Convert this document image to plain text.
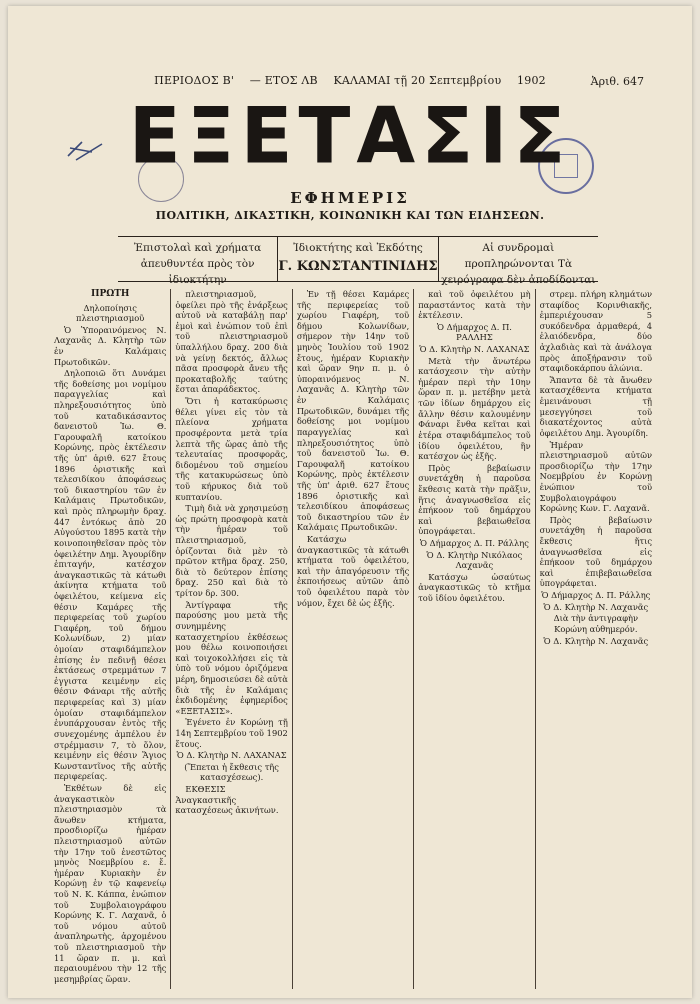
ΠΕΡΙΟΔΟΣ Β' — ΕΤΟΣ ΛΒ ΚΑΛΑΜΑΙ τῇ 20 Σεπτεμβρίου 1902	Ἀριθ. 647
ΕΞΕΤΑΣΙΣ
ΕΦΗΜΕΡΙΣ
ΠΟΛΙΤΙΚΗ, ΔΙΚΑΣΤΙΚΗ, ΚΟΙΝΩΝΙΚΗ ΚΑΙ ΤΩΝ ΕΙΔΗΣΕΩΝ.
Ἐπιστολαὶ καὶ χρήματα ἀπευθυντέα πρὸς τὸν ἰδιοκτήτην
Ἰδιοκτήτης καὶ Ἐκδότης
Γ. ΚΩΝΣΤΑΝΤΙΝΙΔΗΣ
Αἱ συνδρομαὶ προπληρώνονται Τὰ χειρόγραφα δὲν ἀποδίδονται

ΠΡΩΤΗ

Δηλοποίησις πλειστηριασμοῦ

Ὁ Ὑποραινόμενος Ν. Λαχανᾶς Δ. Κλητὴρ τῶν ἐν Καλάμαις Πρωτοδικῶν.

Δηλοποιῶ ὅτι Δυνάμει τῆς δοθείσης μοι νομίμου παραγγελίας καὶ πληρεξουσιότητος ὑπὸ τοῦ καταδικάσαντος δανειστοῦ Ἰω. Θ. Γαρουφαλῆ κατοίκου Κορώνης, πρὸς ἐκτέλεσιν τῆς ὑπ' ἀριθ. 627 ἔτους 1896 ὁριστικῆς καὶ τελεσιδίκου ἀποφάσεως τοῦ δικαστηρίου τῶν ἐν Καλάμαις Πρωτοδικῶν, καὶ πρὸς πληρωμὴν δραχ. 447 ἐντόκως ἀπὸ 20 Αὐγούστου 1895 κατὰ τὴν κοινοποιηθεῖσαν πρὸς τὸν ὀφειλέτην Δημ. Ἀγουρίδην ἐπιταγήν, κατέσχον ἀναγκαστικῶς τὰ κάτωθι ἀκίνητα κτήματα τοῦ ὀφειλέτου, κείμενα εἰς θέσιν Καμάρες τῆς περιφερείας τοῦ χωρίου Γιαφέρη, τοῦ δήμου Κολωνίδων, 2) μίαν ὁμοίαν σταφιδάμπελον ἐπίσης ἐν πεδινῇ θέσει ἐκτάσεως στρεμμάτων 7 ἐγγιστα κειμένην εἰς θέσιν Φάναρι τῆς αὐτῆς περιφερείας καὶ 3) μίαν ὁμοίαν σταφιδάμπελον ἐνυπάρχουσαν ἐντὸς τῆς συνεχομένης ἀμπέλου ἐν στρέμμασιν 7, τὸ ὅλον, κειμένην εἰς θέσιν Ἅγιος Κωνσταντῖνος τῆς αὐτῆς περιφερείας.

Ἐκθέτων δὲ εἰς ἀναγκαστικὸν πλειστηριασμὸν τὰ ἄνωθεν κτήματα, προσδιορίζω ἡμέραν πλειστηριασμοῦ αὐτῶν τὴν 17ην τοῦ ἐνεστῶτος μηνὸς Νοεμβρίου ε. ἔ. ἡμέραν Κυριακὴν ἐν Κορώνῃ ἐν τῷ καφενείῳ τοῦ Ν. Κ. Κάππα, ἐνώπιον τοῦ Συμβολαιογράφου Κορώνης Κ. Γ. Λαχανᾶ, ὁ τοῦ νόμου αὐτοῦ ἀναπληρωτὴς, ἀρχομένου τοῦ πλειστηριασμοῦ τὴν 11 ὥραν π. μ. καὶ περαιουμένου τὴν 12 τῆς μεσημβρίας ὥραν.

πλειστηριασμοῦ, ὀφείλει πρὸ τῆς ἐνάρξεως αὐτοῦ νὰ καταβάλῃ παρ' ἐμοὶ καὶ ἐνώπιον τοῦ ἐπὶ τοῦ πλειστηριασμοῦ ὑπαλλήλου δραχ. 200 διὰ νὰ γείνῃ δεκτός, ἄλλως πᾶσα προσφορὰ ἄνευ τῆς προκαταβολῆς ταύτης ἔσται ἀπαράδεκτος.

Ὅτι ἡ κατακύρωσις θέλει γίνει εἰς τὸν τὰ πλείονα χρήματα προσφέροντα μετὰ τρία λεπτὰ τῆς ὥρας ἀπὸ τῆς τελευταίας προσφορᾶς, διδομένου τοῦ σημείου τῆς κατακυρώσεως ὑπὸ τοῦ κήρυκος διὰ τοῦ κυπτανίου.

Τιμὴ διὰ νὰ χρησιμεύσῃ ὡς πρώτη προσφορὰ κατὰ τὴν ἡμέραν τοῦ πλειστηριασμοῦ, ὁρίζονται διὰ μὲν τὸ πρῶτον κτῆμα δραχ. 250, διὰ τὸ δεύτερον ἐπίσης δραχ. 250 καὶ διὰ τὸ τρίτον δρ. 300.

Ἀντίγραφα τῆς παρούσης μου μετὰ τῆς συνημμένης κατασχετηρίου ἐκθέσεως μου θέλω κοινοποιήσει καὶ τοιχοκολλήσει εἰς τὰ ὑπὸ τοῦ νόμου ὁριζόμενα μέρη, δημοσιεύσει δὲ αὐτὰ διὰ τῆς ἐν Καλάμαις ἐκδιδομένης ἐφημερίδος «ΕΞΕΤΑΣΙΣ».

Ἐγένετο ἐν Κορώνῃ τῇ 14η Σεπτεμβρίου τοῦ 1902 ἔτους.

Ὁ Δ. Κλητὴρ Ν. ΛΑΧΑΝΑΣ

(Ἕπεται ἡ ἔκθεσις τῆς κατασχέσεως).

ΕΚΘΕΣΙΣ Ἀναγκαστικῆς κατασχέσεως ἀκινήτων.

Ἐν τῇ θέσει Καμάρες τῆς περιφερείας τοῦ χωρίου Γιαφέρη, τοῦ δήμου Κολωνίδων, σήμερον τὴν 14ην τοῦ μηνὸς Ἰουλίου τοῦ 1902 ἔτους, ἡμέραν Κυριακὴν καὶ ὥραν 9ην π. μ. ὁ ὑποραινόμενος Ν. Λαχανᾶς Δ. Κλητὴρ τῶν ἐν Καλάμαις Πρωτοδικῶν, δυνάμει τῆς δοθείσης μοι νομίμου παραγγελίας καὶ πληρεξουσιότητος ὑπὸ τοῦ δανειστοῦ Ἰω. Θ. Γαρουφαλῆ κατοίκου Κορώνης, πρὸς ἐκτέλεσιν τῆς ὑπ' ἀριθ. 627 ἔτους 1896 ὁριστικῆς καὶ τελεσιδίκου ἀποφάσεως τοῦ δικαστηρίου τῶν ἐν Καλάμαις Πρωτοδικῶν.

Κατάσχω ἀναγκαστικῶς τὰ κάτωθι κτήματα τοῦ ὀφειλέτου, καὶ τὴν ἀπαγόρευσιν τῆς ἐκποιήσεως αὐτῶν ἀπὸ τοῦ ὀφειλέτου παρὰ τὸν νόμον, ἔχει δὲ ὡς ἑξῆς.

καὶ τοῦ ὀφειλέτου μὴ παραστάντος κατὰ τὴν ἐκτέλεσιν.

Ὁ Δήμαρχος Δ. Π. ΡΑΛΛΗΣ

Ὁ Δ. Κλητὴρ Ν. ΛΑΧΑΝΑΣ

Μετὰ τὴν ἄνωτέρω κατάσχεσιν τὴν αὐτὴν ἡμέραν περὶ τὴν 10ην ὥραν π. μ. μετέβην μετὰ τῶν ἰδίων δημάρχου εἰς ἄλλην θέσιν καλουμένην Φάναρι ἔνθα κεῖται καὶ ἑτέρα σταφιδάμπελος τοῦ ἰδίου ὀφειλέτου, ἣν κατέσχον ὡς ἑξῆς.

Πρὸς βεβαίωσιν συνετάχθη ἡ παροῦσα ἔκθεσις κατὰ τὴν πρᾶξιν, ἥτις ἀναγνωσθεῖσα εἰς ἐπήκοον τοῦ δημάρχου καὶ βεβαιωθεῖσα ὑπογράφεται.

Ὁ Δήμαρχος Δ. Π. Ράλλης

Ὁ Δ. Κλητὴρ Νικόλαος Λαχανᾶς

Κατάσχω ὡσαύτως ἀναγκαστικῶς τὸ κτῆμα τοῦ ἰδίου ὀφειλέτου.

στρεμ. πλήρη κλημάτων σταφίδος Κορινθιακῆς, ἐμπεριέχουσαν 5 συκόδενδρα ἀρμαθερά, 4 ἐλαιόδενδρα, δύο ἀχλαδιὰς καὶ τὰ ἀνάλογα πρὸς ἀποξήρανσιν τοῦ σταφιδοκάρπου ἁλώνια.

Ἅπαντα δὲ τὰ ἄνωθεν κατασχέθεντα κτήματα ἐμεινάνουσι τῇ μεσεγγύησει τοῦ διακατέχοντος αὐτὰ ὀφειλέτου Δημ. Ἀγουρίδη.

Ἡμέραν πλειστηριασμοῦ αὐτῶν προσδιορίζω τὴν 17ην Νοεμβρίου ἐν Κορώνῃ ἐνώπιον τοῦ Συμβολαιογράφου Κορώνης Κων. Γ. Λαχανᾶ.

Πρὸς βεβαίωσιν συνετάχθη ἡ παροῦσα ἔκθεσις ἥτις ἀναγνωσθεῖσα εἰς ἐπήκοον τοῦ δημάρχου καὶ ἐπιβεβαιωθεῖσα ὑπογράφεται.

Ὁ Δήμαρχος Δ. Π. Ράλλης

Ὁ Δ. Κλητὴρ Ν. Λαχανᾶς

Διὰ τὴν ἀντιγραφὴν Κορώνη αὐθημερόν.

Ὁ Δ. Κλητὴρ Ν. Λαχανᾶς
